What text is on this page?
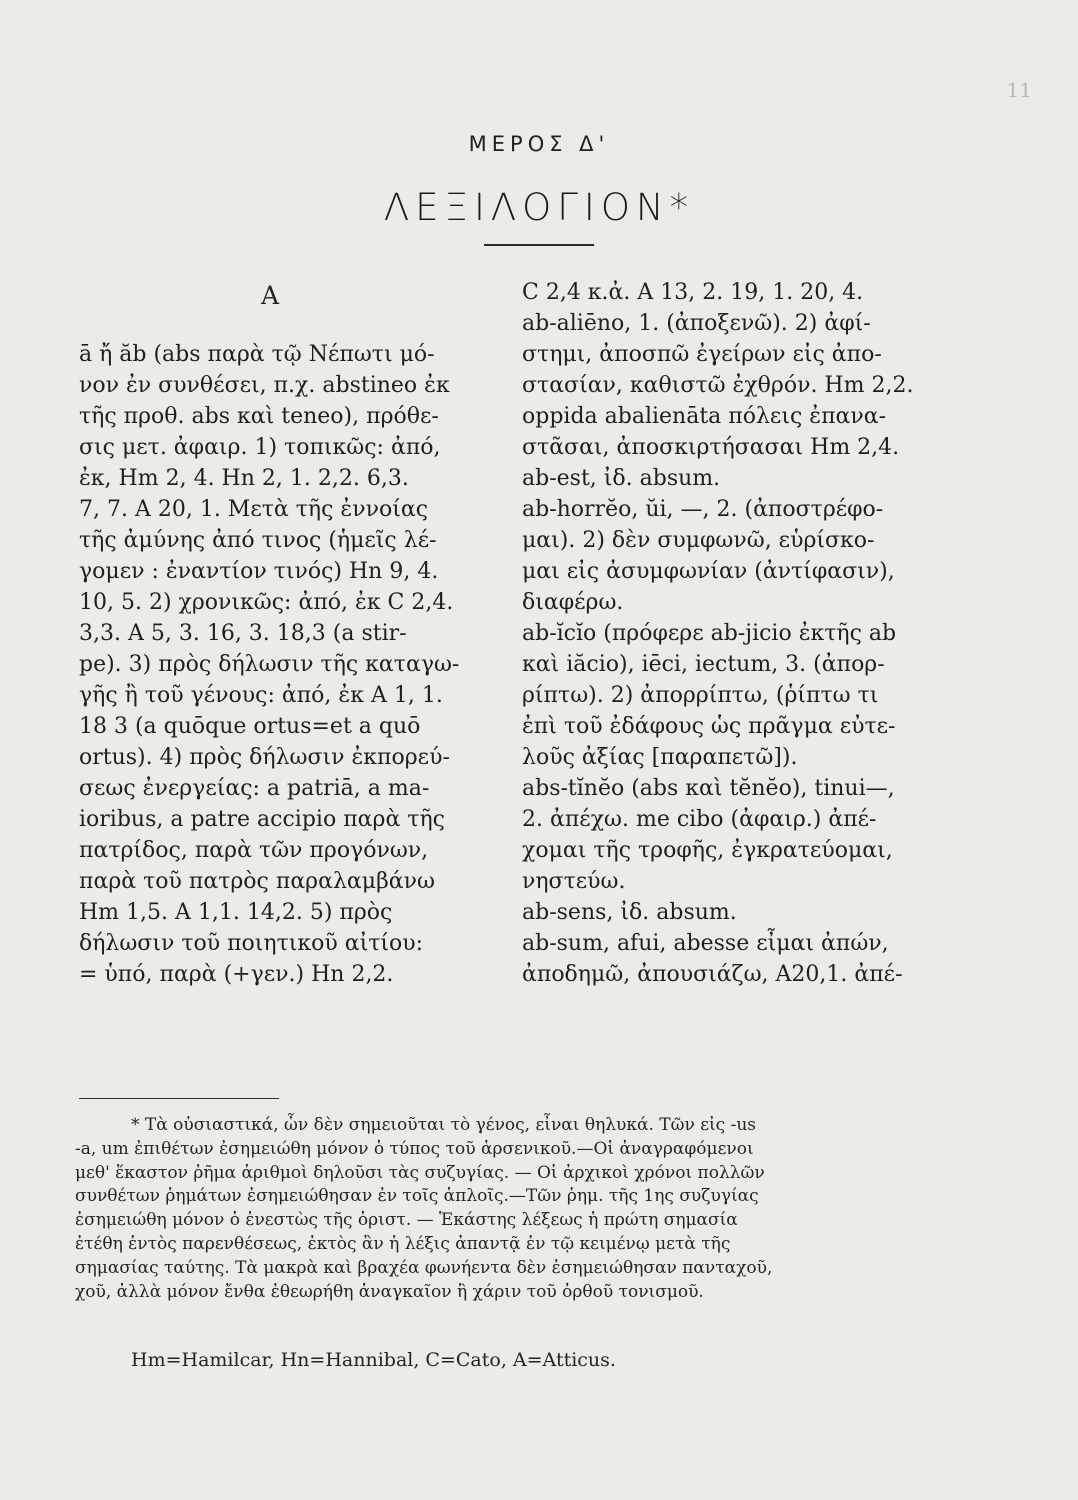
11
ΜΕΡΟΣ Δ'
ΛΕΞΙΛΟΓΙΟΝ*
A
ā ἤ ăb (abs παρὰ τῷ Νέπωτι μό-
νον ἐν συνθέσει, π.χ. abstineo ἐκ
τῆς προθ. abs καὶ teneo), πρόθε-
σις μετ. ἀφαιρ. 1) τοπικῶς: ἀπό,
ἐκ, Hm 2, 4. Hn 2, 1. 2,2. 6,3.
7, 7. A 20, 1. Μετὰ τῆς ἐννοίας
τῆς ἀμύνης ἀπό τινος (ἡμεῖς λέ-
γομεν : ἐναντίον τινός) Hn 9, 4.
10, 5. 2) χρονικῶς: ἀπό, ἐκ C 2,4.
3,3. A 5, 3. 16, 3. 18,3 (a stir-
pe). 3) πρὸς δήλωσιν τῆς καταγω-
γῆς ἢ τοῦ γένους: ἀπό, ἐκ A 1, 1.
18 3 (a quōque ortus=et a quō
ortus). 4) πρὸς δήλωσιν ἐκπορεύ-
σεως ἐνεργείας: a patriā, a ma-
ioribus, a patre accipio παρὰ τῆς
πατρίδος, παρὰ τῶν προγόνων,
παρὰ τοῦ πατρὸς παραλαμβάνω
Hm 1,5. A 1,1. 14,2. 5) πρὸς
δήλωσιν τοῦ ποιητικοῦ αἰτίου:
= ὑπό, παρὰ (+γεν.) Hn 2,2.
C 2,4 κ.ἀ. A 13, 2. 19, 1. 20, 4.
ab-aliēno, 1. (ἀποξενῶ). 2) ἀφί-
στημι, ἀποσπῶ ἐγείρων εἰς ἀπο-
στασίαν, καθιστῶ ἐχθρόν. Hm 2,2.
oppida abalienāta πόλεις ἐπανα-
στᾶσαι, ἀποσκιρτήσασαι Hm 2,4.
ab-est, ἰδ. absum.
ab-horrĕo, ŭi, —, 2. (ἀποστρέφο-
μαι). 2) δὲν συμφωνῶ, εὑρίσκο-
μαι εἰς ἀσυμφωνίαν (ἀντίφασιν),
διαφέρω.
ab-ĭcĭo (πρόφερε ab-jicio ἐκτῆς ab
καὶ iăcio), iēci, iectum, 3. (ἀπορ-
ρίπτω). 2) ἀπορρίπτω, (ῥίπτω τι
ἐπὶ τοῦ ἐδάφους ὡς πρᾶγμα εὐτε-
λοῦς ἀξίας [παραπετῶ]).
abs-tĭnĕo (abs καὶ tĕnĕo), tinui—,
2. ἀπέχω. me cibo (ἀφαιρ.) ἀπέ-
χομαι τῆς τροφῆς, ἐγκρατεύομαι,
νηστεύω.
ab-sens, ἰδ. absum.
ab-sum, afui, abesse εἶμαι ἀπών,
ἀποδημῶ, ἀπουσιάζω, A20,1. ἀπέ-
* Τὰ οὐσιαστικά, ὧν δὲν σημειοῦται τὸ γένος, εἶναι θηλυκά. Τῶν εἰς -us
-a, um ἐπιθέτων ἐσημειώθη μόνον ὁ τύπος τοῦ ἀρσενικοῦ.—Οἱ ἀναγραφόμενοι
μεθ' ἕκαστον ῥῆμα ἀριθμοὶ δηλοῦσι τὰς συζυγίας. — Οἱ ἀρχικοὶ χρόνοι πολλῶν
συνθέτων ῥημάτων ἐσημειώθησαν ἐν τοῖς ἁπλοῖς.—Τῶν ῥημ. τῆς 1ης συζυγίας
ἐσημειώθη μόνον ὁ ἐνεστὼς τῆς ὁριστ. — Ἑκάστης λέξεως ἡ πρώτη σημασία
ἐτέθη ἐντὸς παρενθέσεως, ἐκτὸς ἂν ἡ λέξις ἀπαντᾷ ἐν τῷ κειμένῳ μετὰ τῆς
σημασίας ταύτης. Τὰ μακρὰ καὶ βραχέα φωνήεντα δὲν ἐσημειώθησαν πανταχοῦ,
χοῦ, ἀλλὰ μόνον ἔνθα ἐθεωρήθη ἀναγκαῖον ἢ χάριν τοῦ ὀρθοῦ τονισμοῦ.
Hm=Hamilcar, Hn=Hannibal, C=Cato, A=Atticus.
